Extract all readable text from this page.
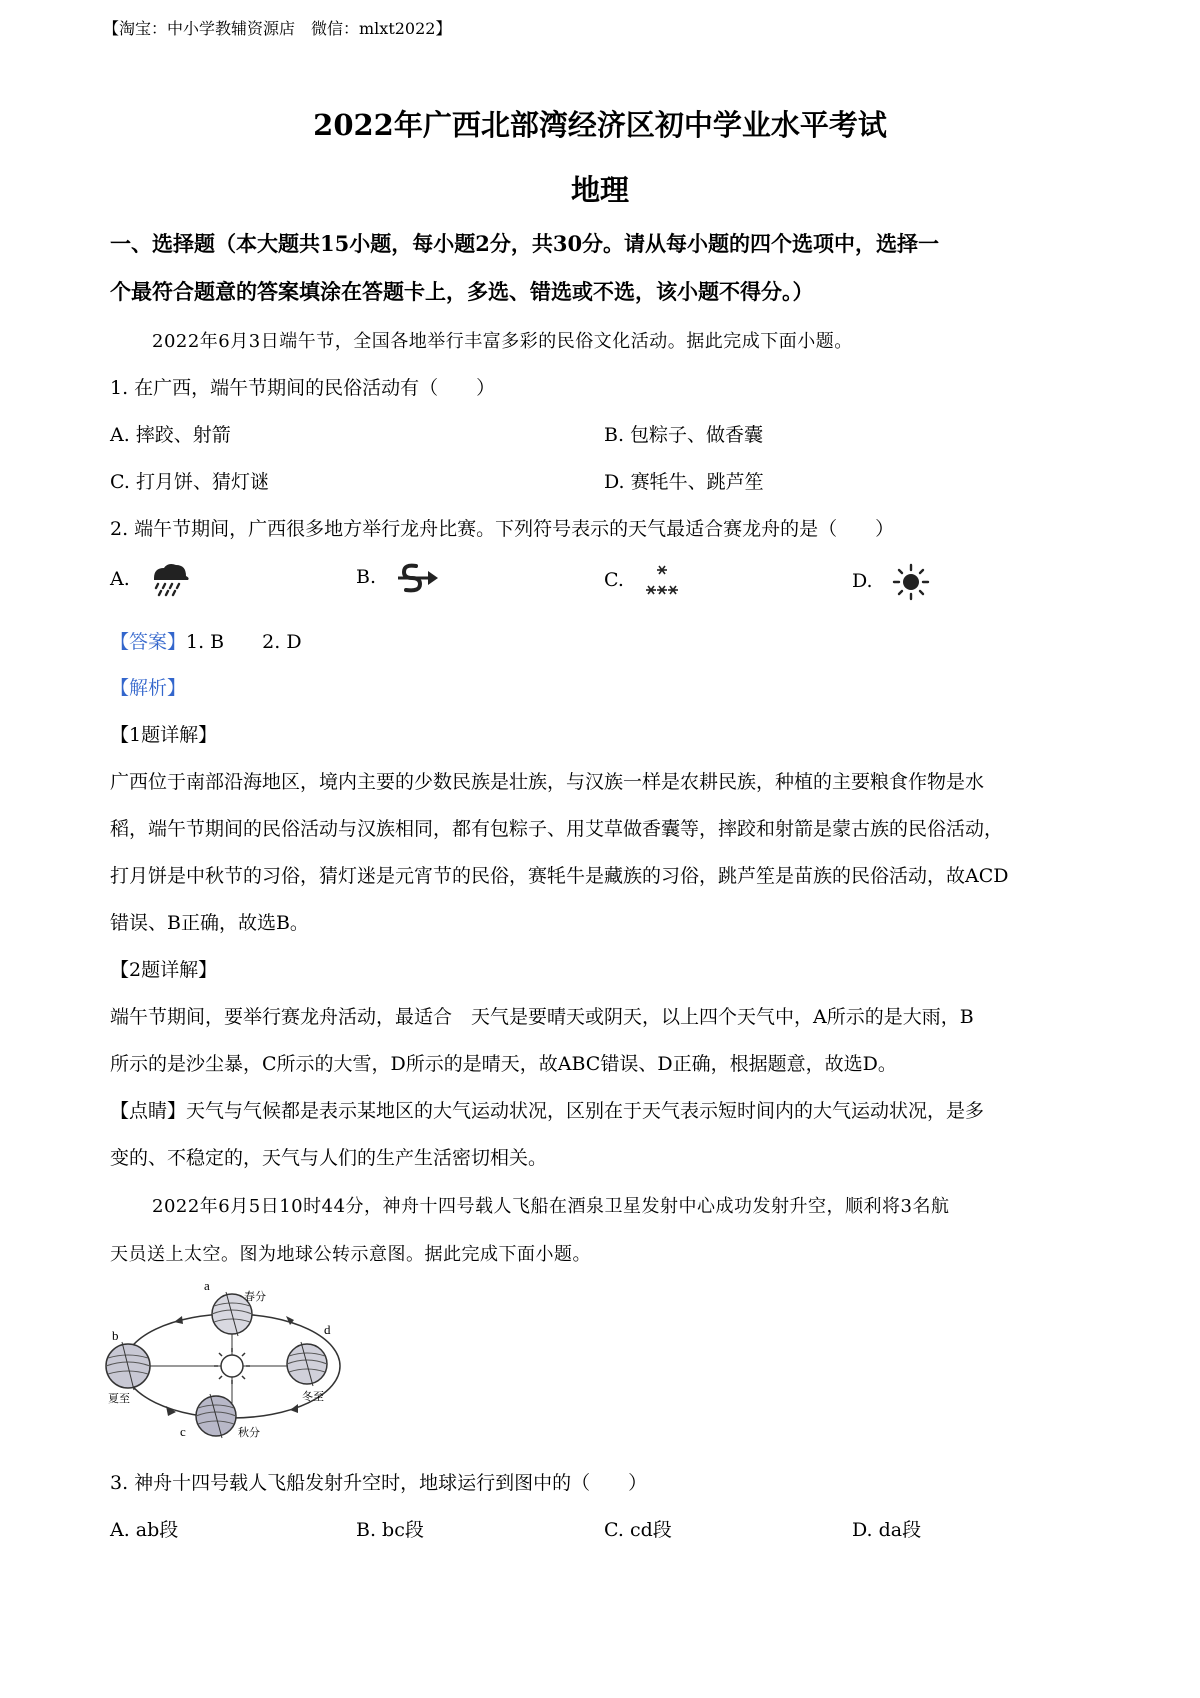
【淘宝：中小学教辅资源店　微信：mlxt2022】
2022年广西北部湾经济区初中学业水平考试
地理
一、选择题（本大题共15小题，每小题2分，共30分。请从每小题的四个选项中，选择一
个最符合题意的答案填涂在答题卡上，多选、错选或不选，该小题不得分。）
2022年6月3日端午节，全国各地举行丰富多彩的民俗文化活动。据此完成下面小题。
1. 在广西，端午节期间的民俗活动有（　　）
A. 摔跤、射箭	B. 包粽子、做香囊
C. 打月饼、猜灯谜	D. 赛牦牛、跳芦笙
2. 端午节期间，广西很多地方举行龙舟比赛。下列符号表示的天气最适合赛龙舟的是（　　）
A.	B.	C.	D.
【答案】1. B　　2. D
【解析】
【1题详解】
广西位于南部沿海地区，境内主要的少数民族是壮族，与汉族一样是农耕民族，种植的主要粮食作物是水
稻，端午节期间的民俗活动与汉族相同，都有包粽子、用艾草做香囊等，摔跤和射箭是蒙古族的民俗活动，
打月饼是中秋节的习俗，猜灯迷是元宵节的民俗，赛牦牛是藏族的习俗，跳芦笙是苗族的民俗活动，故ACD
错误、B正确，故选B。
【2题详解】
端午节期间，要举行赛龙舟活动，最适合　天气是要晴天或阴天，以上四个天气中，A所示的是大雨，B
所示的是沙尘暴，C所示的大雪，D所示的是晴天，故ABC错误、D正确，根据题意，故选D。
【点睛】天气与气候都是表示某地区的大气运动状况，区别在于天气表示短时间内的大气运动状况，是多
变的、不稳定的，天气与人们的生产生活密切相关。
2022年6月5日10时44分，神舟十四号载人飞船在酒泉卫星发射中心成功发射升空，顺利将3名航
天员送上太空。图为地球公转示意图。据此完成下面小题。
a
春分
b
夏至
c	秋分
d
冬至
3. 神舟十四号载人飞船发射升空时，地球运行到图中的（　　）
A. ab段	B. bc段	C. cd段	D. da段
